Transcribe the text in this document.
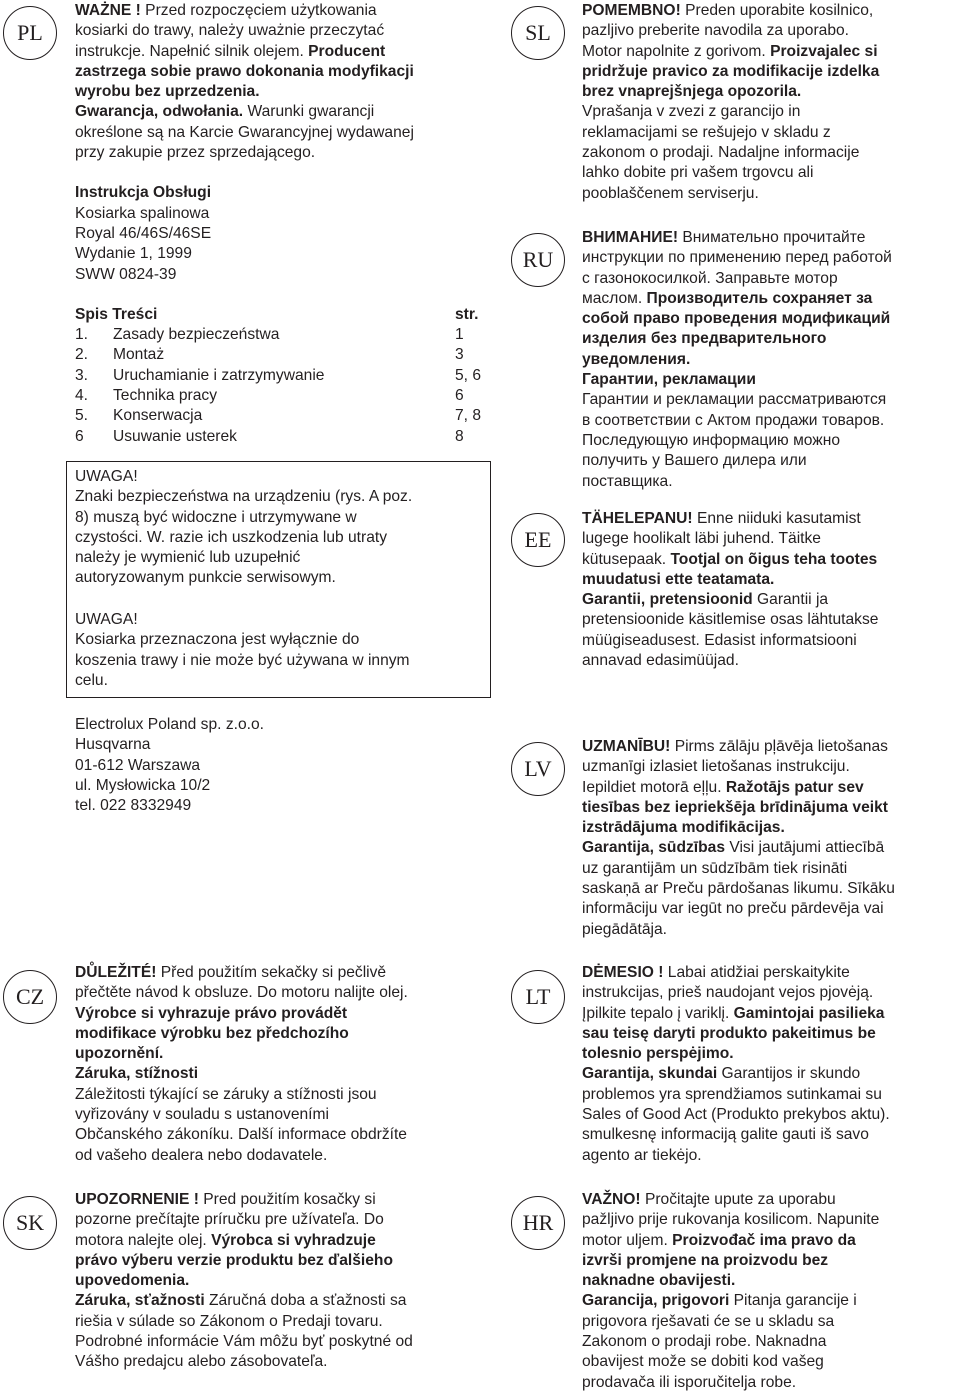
PL	SL
RU
EE
LV
CZ	LT
SK	HR
WAŻNE ! Przed rozpoczęciem użytkowania
kosiarki do trawy, należy uważnie przeczytać
instrukcje. Napełnić silnik olejem. Producent
zastrzega sobie prawo dokonania modyfikacji
wyrobu bez uprzedzenia.
Gwarancja, odwołania. Warunki gwarancji
określone są na Karcie Gwarancyjnej wydawanej
przy zakupie przez sprzedającego.
Instrukcja Obsługi
Kosiarka spalinowa
Royal 46/46S/46SE
Wydanie 1, 1999
SWW 0824-39
Spis Treści		str.
1.	Zasady bezpieczeństwa	1
2.	Montaż	3
3.	Uruchamianie i zatrzymywanie	5, 6
4.	Technika pracy	6
5.	Konserwacja	7, 8
6	Usuwanie usterek	8
UWAGA!
Znaki bezpieczeństwa na urządzeniu (rys. A poz.
8) muszą być widoczne i utrzymywane w
czystości. W. razie ich uszkodzenia lub utraty
należy je wymienić lub uzupełnić
autoryzowanym punkcie serwisowym.
UWAGA!
Kosiarka przeznaczona jest wyłącznie do
koszenia trawy i nie może być używana w innym
celu.
Electrolux Poland sp. z.o.o.
Husqvarna
01-612 Warszawa
ul. Mysłowicka 10/2
tel. 022 8332949
POMEMBNO! Preden uporabite kosilnico,
pazljivo preberite navodila za uporabo.
Motor napolnite z gorivom. Proizvajalec si
pridržuje pravico za modifikacije izdelka
brez vnaprejšnjega opozorila.
Vprašanja v zvezi z garancijo in
reklamacijami se rešujejo v skladu z
zakonom o prodaji. Nadaljne informacije
lahko dobite pri vašem trgovcu ali
pooblaščenem serviserju.
ВНИМАНИЕ! Внимательно прочитайте
инструкции по применению перед работой
с газонокосилкой. Заправьте мотор
маслом. Производитель сохраняет за
собой право проведения модификаций
изделия без предварительного
уведомления.
Гарантии, рекламации
Гарантии и рекламации рассматриваются
в соответствии с Актом продажи товаров.
Последующую информацию можно
получить у Вашего дилера или
поставщика.
TÄHELEPANU! Enne niiduki kasutamist
lugege hoolikalt läbi juhend. Täitke
kütusepaak. Tootjal on õigus teha tootes
muudatusi ette teatamata.
Garantii, pretensioonid Garantii ja
pretensioonide käsitlemise osas lähtutakse
müügiseadusest. Edasist informatsiooni
annavad edasimüüjad.
UZMANĪBU! Pirms zālāju pļāvēja lietošanas
uzmanīgi izlasiet lietošanas instrukciju.
Iepildiet motorā eļļu. Ražotājs patur sev
tiesības bez iepriekšēja brīdinājuma veikt
izstrādājuma modifikācijas.
Garantija, sūdzības Visi jautājumi attiecībā
uz garantijām un sūdzībām tiek risināti
saskaņā ar Preču pārdošanas likumu. Sīkāku
informāciju var iegūt no preču pārdevēja vai
piegādātāja.
DŮLEŽITÉ! Před použitím sekačky si pečlivě
přečtěte návod k obsluze. Do motoru nalijte olej.
Výrobce si vyhrazuje právo provádět
modifikace výrobku bez předchozího
upozornění.
Záruka, stížnosti
Záležitosti týkající se záruky a stížnosti jsou
vyřizovány v souladu s ustanoveními
Občanského zákoníku. Další informace obdržíte
od vašeho dealera nebo dodavatele.
DĖMESIO ! Labai atidžiai perskaitykite
instrukcijas, prieš naudojant vejos pjovėją.
Įpilkite tepalo į variklį. Gamintojai pasilieka
sau teisę daryti produkto pakeitimus be
tolesnio perspėjimo.
Garantija, skundai Garantijos ir skundo
problemos yra sprendžiamos sutinkamai su
Sales of Good Act (Produkto prekybos aktu).
smulkesnę informaciją galite gauti iš savo
agento ar tiekėjo.
UPOZORNENIE ! Pred použitím kosačky si
pozorne prečítajte príručku pre užívateľa. Do
motora nalejte olej. Výrobca si vyhradzuje
právo výberu verzie produktu bez ďalšieho
upovedomenia.
Záruka, sťažnosti Záručná doba a sťažnosti sa
riešia v súlade so Zákonom o Predaji tovaru.
Podrobné informácie Vám môžu byť poskytné od
Vášho predajcu alebo zásobovateľa.
VAŽNO! Pročitajte upute za uporabu
pažljivo prije rukovanja kosilicom. Napunite
motor uljem. Proizvođač ima pravo da
izvrši promjene na proizvodu bez
naknadne obavijesti.
Garancija, prigovori Pitanja garancije i
prigovora rješavati će se u skladu sa
Zakonom o prodaji robe. Naknadna
obavijest može se dobiti kod vašeg
prodavača ili isporučitelja robe.
